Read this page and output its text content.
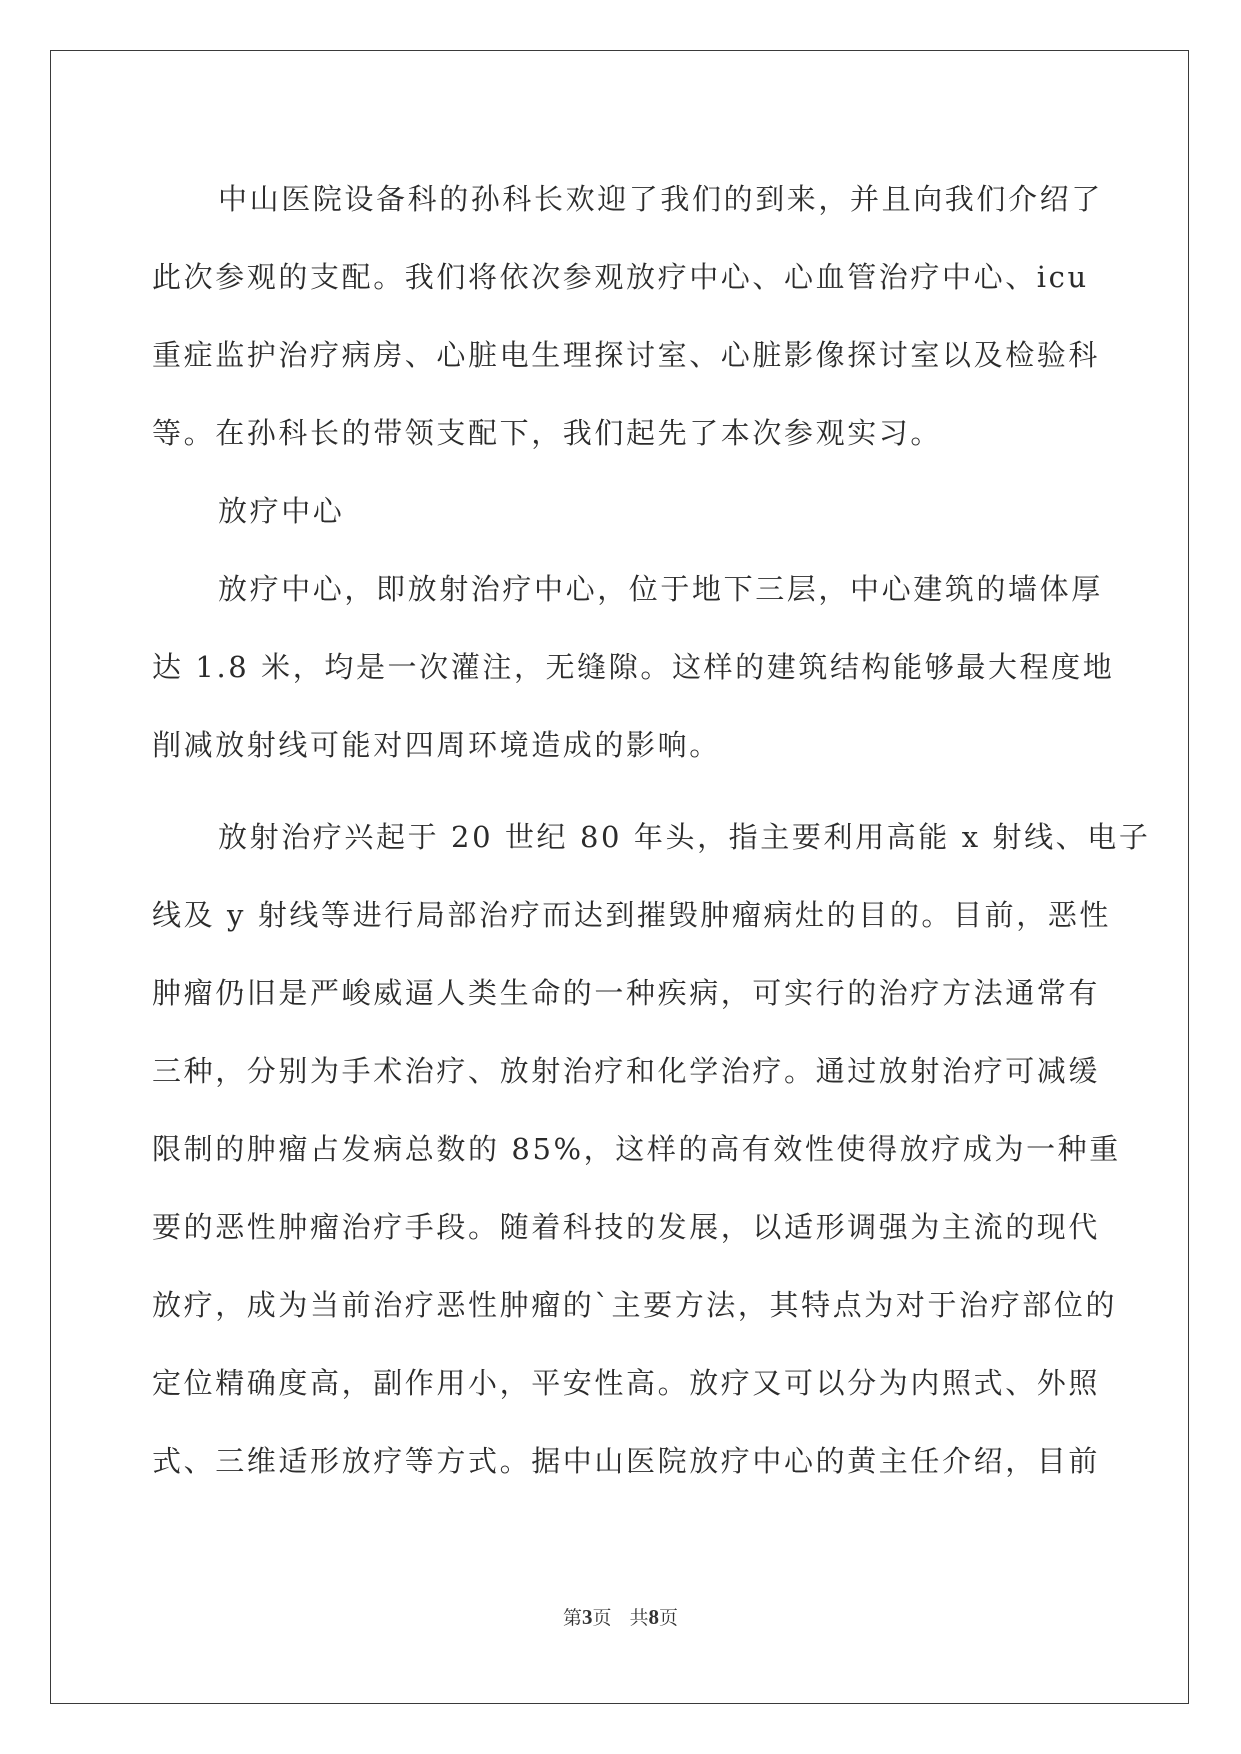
中山医院设备科的孙科长欢迎了我们的到来，并且向我们介绍了
此次参观的支配。我们将依次参观放疗中心、心血管治疗中心、icu
重症监护治疗病房、心脏电生理探讨室、心脏影像探讨室以及检验科
等。在孙科长的带领支配下，我们起先了本次参观实习。
放疗中心
放疗中心，即放射治疗中心，位于地下三层，中心建筑的墙体厚
达 1.8 米，均是一次灌注，无缝隙。这样的建筑结构能够最大程度地
削减放射线可能对四周环境造成的影响。
放射治疗兴起于 20 世纪 80 年头，指主要利用高能 x 射线、电子
线及 y 射线等进行局部治疗而达到摧毁肿瘤病灶的目的。目前，恶性
肿瘤仍旧是严峻威逼人类生命的一种疾病，可实行的治疗方法通常有
三种，分别为手术治疗、放射治疗和化学治疗。通过放射治疗可减缓
限制的肿瘤占发病总数的 85%，这样的高有效性使得放疗成为一种重
要的恶性肿瘤治疗手段。随着科技的发展，以适形调强为主流的现代
放疗，成为当前治疗恶性肿瘤的`主要方法，其特点为对于治疗部位的
定位精确度高，副作用小，平安性高。放疗又可以分为内照式、外照
式、三维适形放疗等方式。据中山医院放疗中心的黄主任介绍，目前
第3页 共8页
